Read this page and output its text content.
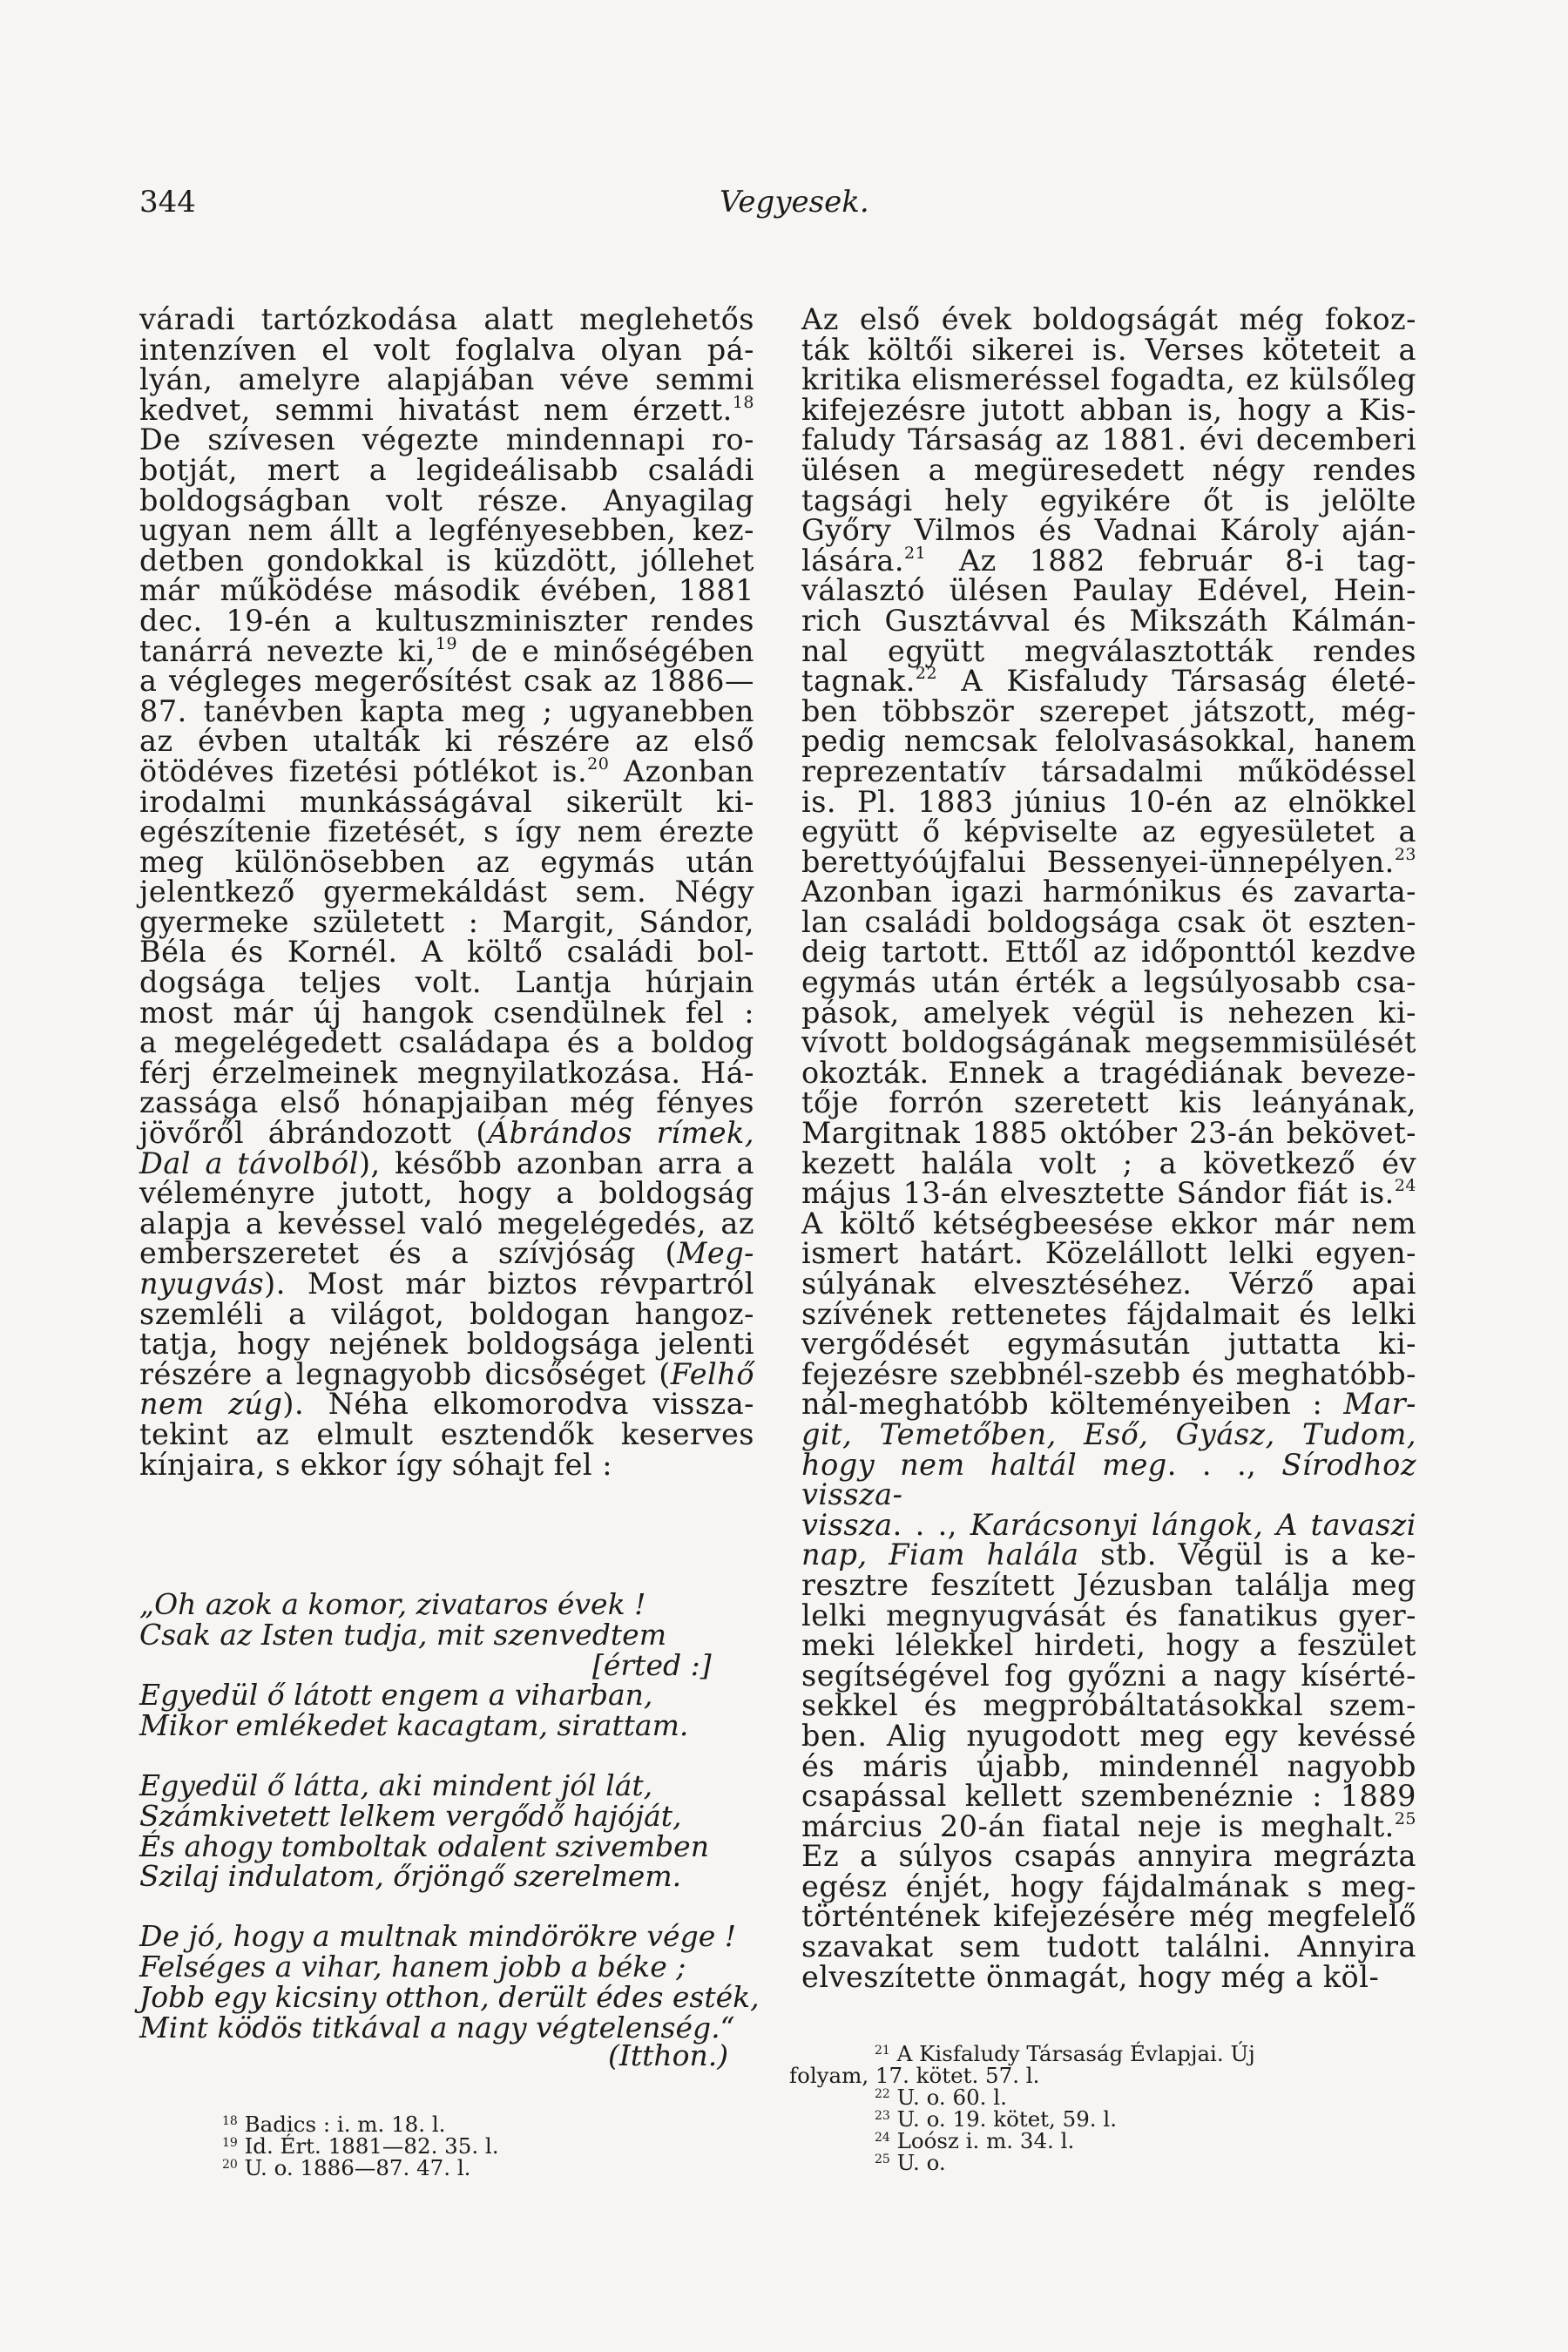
344	Vegyesek.

váradi tartózkodása alatt meglehetős

intenzíven el volt foglalva olyan pá-

lyán, amelyre alapjában véve semmi

kedvet, semmi hivatást nem érzett.$^{18}$

De szívesen végezte mindennapi ro-

botját, mert a legideálisabb családi

boldogságban volt része. Anyagilag

ugyan nem állt a legfényesebben, kez-

detben gondokkal is küzdött, jóllehet

már működése második évében, 1881

dec. 19-én a kultuszminiszter rendes

tanárrá nevezte ki,$^{19}$ de e minőségében

a végleges megerősítést csak az 1886—

87. tanévben kapta meg ; ugyanebben

az évben utalták ki részére az első

ötödéves fizetési pótlékot is.$^{20}$ Azonban

irodalmi munkásságával sikerült ki-

egészítenie fizetését, s így nem érezte

meg különösebben az egymás után

jelentkező gyermekáldást sem. Négy

gyermeke született : Margit, Sándor,

Béla és Kornél. A költő családi bol-

dogsága teljes volt. Lantja húrjain

most már új hangok csendülnek fel :

a megelégedett családapa és a boldog

férj érzelmeinek megnyilatkozása. Há-

zassága első hónapjaiban még fényes

jövőről ábrándozott (Ábrándos rímek,

Dal a távolból), később azonban arra a

véleményre jutott, hogy a boldogság

alapja a kevéssel való megelégedés, az

emberszeretet és a szívjóság (Meg-

nyugvás). Most már biztos révpartról

szemléli a világot, boldogan hangoz-

tatja, hogy nejének boldogsága jelenti

részére a legnagyobb dicsőséget (Felhő

nem zúg). Néha elkomorodva vissza-

tekint az elmult esztendők keserves

kínjaira, s ekkor így sóhajt fel :

Az első évek boldogságát még fokoz-

ták költői sikerei is. Verses köteteit a

kritika elismeréssel fogadta, ez külsőleg

kifejezésre jutott abban is, hogy a Kis-

faludy Társaság az 1881. évi decemberi

ülésen a megüresedett négy rendes

tagsági hely egyikére őt is jelölte

Győry Vilmos és Vadnai Károly aján-

lására.$^{21}$ Az 1882 február 8-i tag-

választó ülésen Paulay Edével, Hein-

rich Gusztávval és Mikszáth Kálmán-

nal együtt megválasztották rendes

tagnak.$^{22}$ A Kisfaludy Társaság életé-

ben többször szerepet játszott, még-

pedig nemcsak felolvasásokkal, hanem

reprezentatív társadalmi működéssel

is. Pl. 1883 június 10-én az elnökkel

együtt ő képviselte az egyesületet a

berettyóújfalui Bessenyei-ünnepélyen.$^{23}$

Azonban igazi harmónikus és zavarta-

lan családi boldogsága csak öt eszten-

deig tartott. Ettől az időponttól kezdve

egymás után érték a legsúlyosabb csa-

pások, amelyek végül is nehezen ki-

vívott boldogságának megsemmisülését

okozták. Ennek a tragédiának beveze-

tője forrón szeretett kis leányának,

Margitnak 1885 október 23-án bekövet-

kezett halála volt ; a következő év

május 13-án elvesztette Sándor fiát is.$^{24}$

A költő kétségbeesése ekkor már nem

ismert határt. Közelállott lelki egyen-

súlyának elvesztéséhez. Vérző apai

szívének rettenetes fájdalmait és lelki

vergődését egymásután juttatta ki-

fejezésre szebbnél-szebb és meghatóbb-

nál-meghatóbb költeményeiben : Mar-

git, Temetőben, Eső, Gyász, Tudom,

hogy nem haltál meg. . ., Sírodhoz vissza-

vissza. . ., Karácsonyi lángok, A tavaszi

nap, Fiam halála stb. Végül is a ke-

resztre feszített Jézusban találja meg

lelki megnyugvását és fanatikus gyer-

meki lélekkel hirdeti, hogy a feszület

segítségével fog győzni a nagy kísérté-

sekkel és megpróbáltatásokkal szem-

ben. Alig nyugodott meg egy kevéssé

és máris újabb, mindennél nagyobb

csapással kellett szembenéznie : 1889

március 20-án fiatal neje is meghalt.$^{25}$

Ez a súlyos csapás annyira megrázta

egész énjét, hogy fájdalmának s meg-

történtének kifejezésére még megfelelő

szavakat sem tudott találni. Annyira

elveszítette önmagát, hogy még a köl-

„Oh azok a komor, zivataros évek !
Csak az Isten tudja, mit szenvedtem
[érted :]
Egyedül ő látott engem a viharban,
Mikor emlékedet kacagtam, sirattam.
Egyedül ő látta, aki mindent jól lát,
Számkivetett lelkem vergődő hajóját,
És ahogy tomboltak odalent szivemben
Szilaj indulatom, őrjöngő szerelmem.
De jó, hogy a multnak mindörökre vége !
Felséges a vihar, hanem jobb a béke ;
Jobb egy kicsiny otthon, derült édes esték,
Mint ködös titkával a nagy végtelenség.“
(Itthon.)
$^{18}$ Badics : i. m. 18. l.
$^{19}$ Id. Ért. 1881—82. 35. l.
$^{20}$ U. o. 1886—87. 47. l.
$^{21}$ A Kisfaludy Társaság Évlapjai. Új
folyam, 17. kötet. 57. l.
$^{22}$ U. o. 60. l.
$^{23}$ U. o. 19. kötet, 59. l.
$^{24}$ Loósz i. m. 34. l.
$^{25}$ U. o.
